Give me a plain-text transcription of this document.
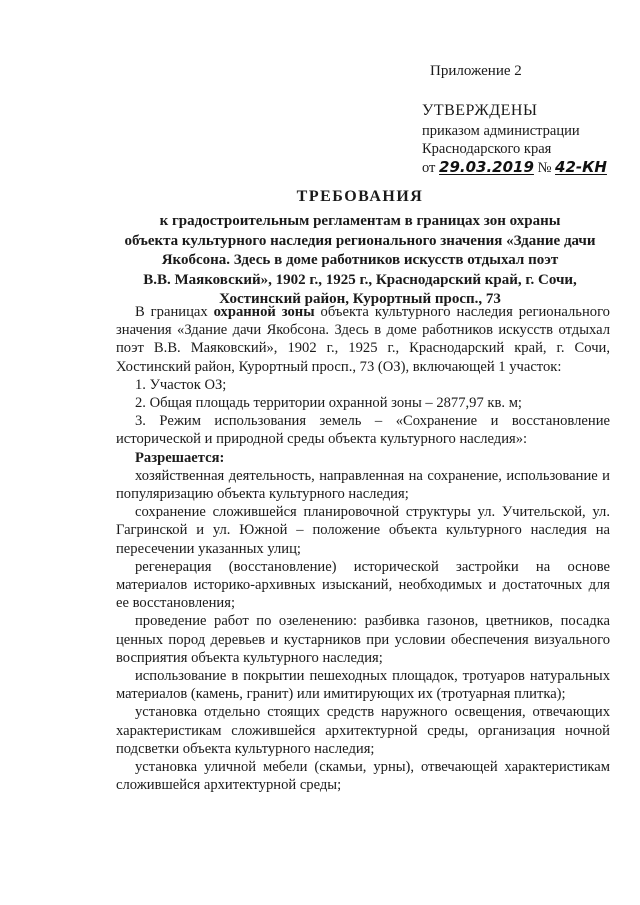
Приложение 2
УТВЕРЖДЕНЫ
приказом администрации
Краснодарского края
от 29.03.2019 № 42-КН
ТРЕБОВАНИЯ
к градостроительным регламентам в границах зон охраны
объекта культурного наследия регионального значения «Здание дачи
Якобсона. Здесь в доме работников искусств отдыхал поэт
В.В. Маяковский», 1902 г., 1925 г., Краснодарский край, г. Сочи,
Хостинский район, Курортный просп., 73

В границах охранной зоны объекта культурного наследия регионального значения «Здание дачи Якобсона. Здесь в доме работников искусств отдыхал поэт В.В. Маяковский», 1902 г., 1925 г., Краснодарский край, г. Сочи, Хостинский район, Курортный просп., 73 (ОЗ), включающей 1 участок:

1. Участок ОЗ;

2. Общая площадь территории охранной зоны – 2877,97 кв. м;

3. Режим использования земель – «Сохранение и восстановление исторической и природной среды объекта культурного наследия»:

Разрешается:

хозяйственная деятельность, направленная на сохранение, использование и популяризацию объекта культурного наследия;

сохранение сложившейся планировочной структуры ул. Учительской, ул. Гагринской и ул. Южной – положение объекта культурного наследия на пересечении указанных улиц;

регенерация (восстановление) исторической застройки на основе материалов историко-архивных изысканий, необходимых и достаточных для ее восстановления;

проведение работ по озеленению: разбивка газонов, цветников, посадка ценных пород деревьев и кустарников при условии обеспечения визуального восприятия объекта культурного наследия;

использование в покрытии пешеходных площадок, тротуаров натуральных материалов (камень, гранит) или имитирующих их (тротуарная плитка);

установка отдельно стоящих средств наружного освещения, отвечающих характеристикам сложившейся архитектурной среды, организация ночной подсветки объекта культурного наследия;

установка уличной мебели (скамьи, урны), отвечающей характеристикам сложившейся архитектурной среды;
